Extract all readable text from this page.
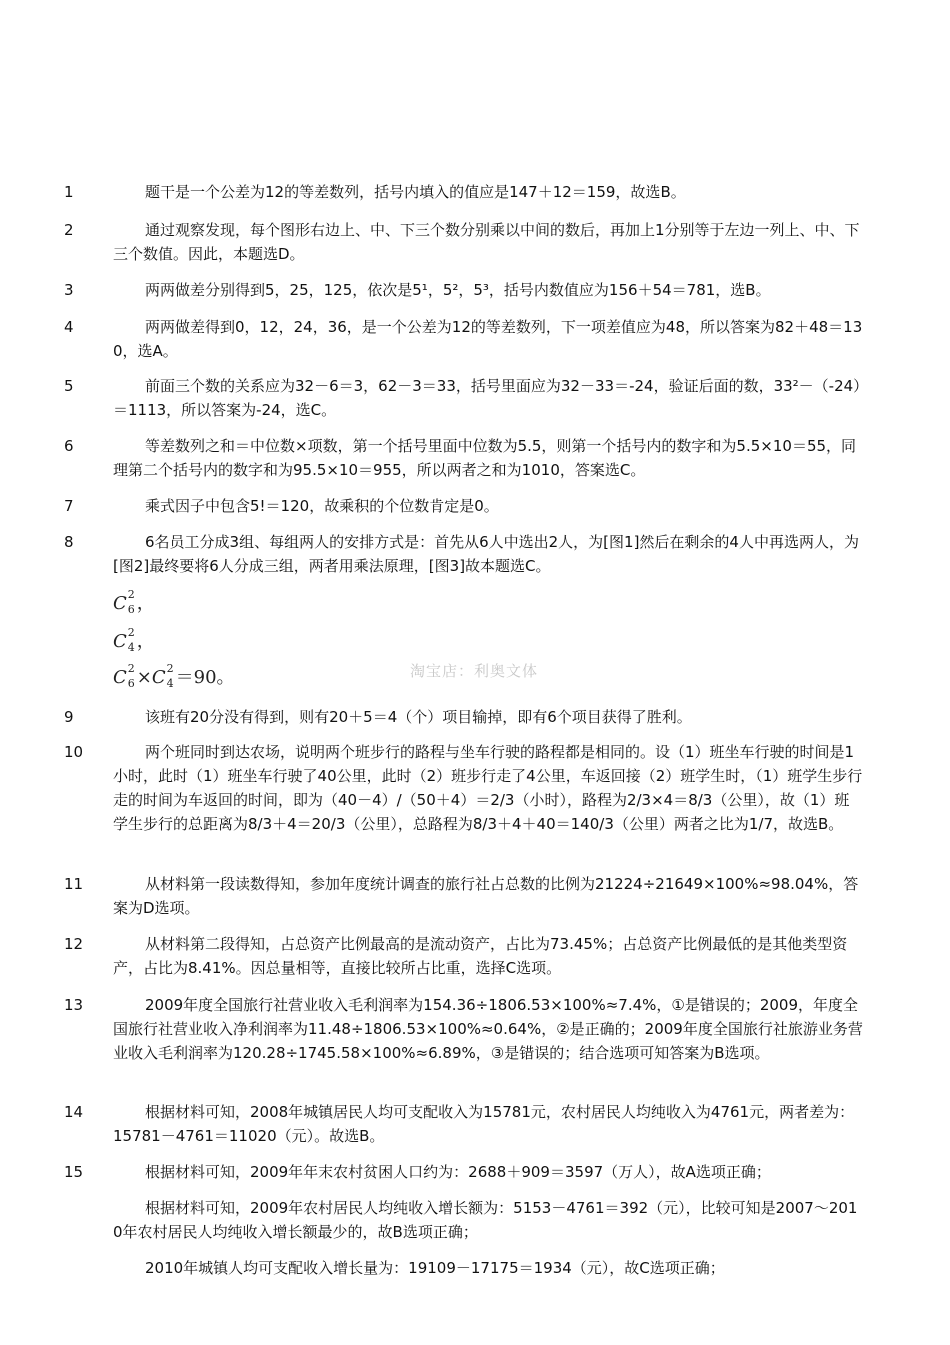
1	题干是一个公差为12的等差数列，括号内填入的值应是147＋12＝159，故选B。
2	通过观察发现，每个图形右边上、中、下三个数分别乘以中间的数后，再加上1分别等于左边一列上、中、下三个数值。因此，本题选D。
3	两两做差分别得到5，25，125，依次是5¹，5²，5³，括号内数值应为156＋54＝781，选B。
4	两两做差得到0，12，24，36，是一个公差为12的等差数列，下一项差值应为48，所以答案为82＋48＝130，选A。
5	前面三个数的关系应为32－6＝3，62－3＝33，括号里面应为32－33＝-24，验证后面的数，33²－（-24）＝1113，所以答案为-24，选C。
6	等差数列之和＝中位数×项数，第一个括号里面中位数为5.5，则第一个括号内的数字和为5.5×10＝55，同理第二个括号内的数字和为95.5×10＝955，所以两者之和为1010，答案选C。
7	乘式因子中包含5!＝120，故乘积的个位数肯定是0。
8	6名员工分成3组、每组两人的安排方式是：首先从6人中选出2人，为[图1]然后在剩余的4人中再选两人，为[图2]最终要将6人分成三组，两者用乘法原理，[图3]故本题选C。
C 2
6 ，
C 2
4 ，
C 2
6 ×C 2
4 ＝90。	淘宝店：利奥文体
9	该班有20分没有得到，则有20＋5＝4（个）项目输掉，即有6个项目获得了胜利。
10	两个班同时到达农场，说明两个班步行的路程与坐车行驶的路程都是相同的。设（1）班坐车行驶的时间是1小时，此时（1）班坐车行驶了40公里，此时（2）班步行走了4公里，车返回接（2）班学生时，（1）班学生步行走的时间为车返回的时间，即为（40－4）/（50＋4）＝2/3（小时），路程为2/3×4＝8/3（公里），故（1）班学生步行的总距离为8/3＋4＝20/3（公里），总路程为8/3＋4＋40＝140/3（公里）两者之比为1/7，故选B。
11	从材料第一段读数得知，参加年度统计调查的旅行社占总数的比例为21224÷21649×100%≈98.04%，答案为D选项。
12	从材料第二段得知，占总资产比例最高的是流动资产，占比为73.45%；占总资产比例最低的是其他类型资产，占比为8.41%。因总量相等，直接比较所占比重，选择C选项。
13	2009年度全国旅行社营业收入毛利润率为154.36÷1806.53×100%≈7.4%，①是错误的；2009，年度全国旅行社营业收入净利润率为11.48÷1806.53×100%≈0.64%，②是正确的；2009年度全国旅行社旅游业务营业收入毛利润率为120.28÷1745.58×100%≈6.89%，③是错误的；结合选项可知答案为B选项。
14	根据材料可知，2008年城镇居民人均可支配收入为15781元，农村居民人均纯收入为4761元，两者差为：15781－4761＝11020（元）。故选B。
15	根据材料可知，2009年年末农村贫困人口约为：2688＋909＝3597（万人），故A选项正确；
根据材料可知，2009年农村居民人均纯收入增长额为：5153－4761＝392（元），比较可知是2007～2010年农村居民人均纯收入增长额最少的，故B选项正确；
2010年城镇人均可支配收入增长量为：19109－17175＝1934（元），故C选项正确；
